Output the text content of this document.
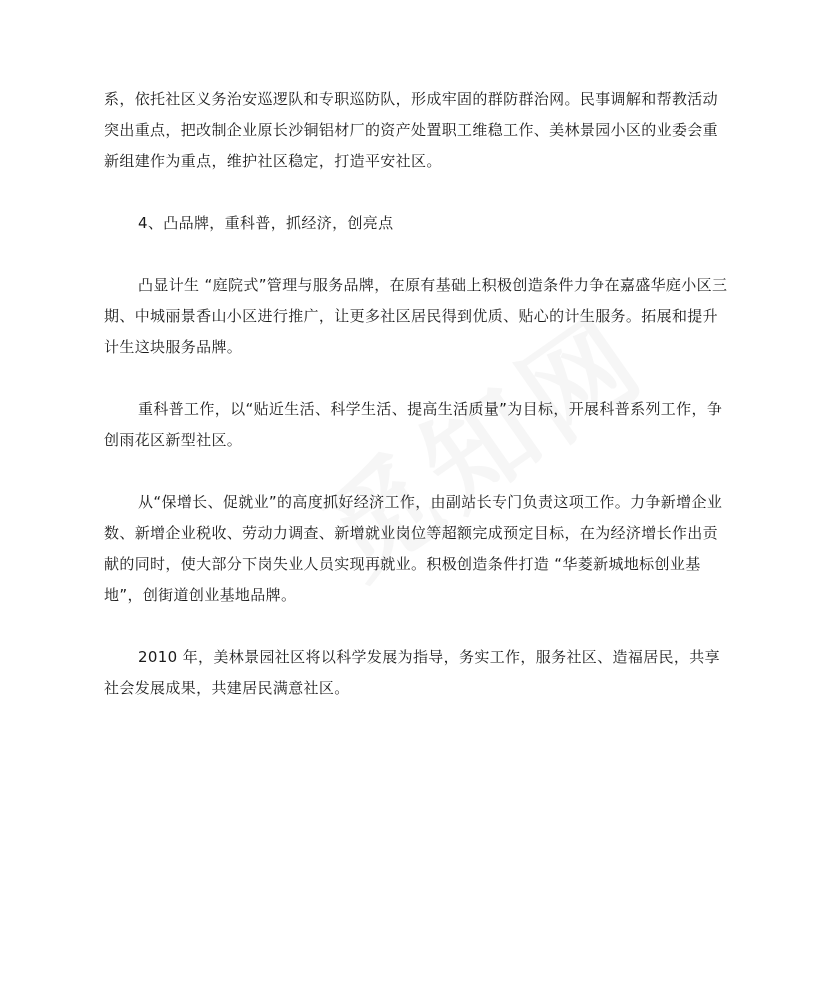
系，依托社区义务治安巡逻队和专职巡防队，形成牢固的群防群治网。民事调解和帮教活动突出重点，把改制企业原长沙铜铝材厂的资产处置职工维稳工作、美林景园小区的业委会重新组建作为重点，维护社区稳定，打造平安社区。

4、凸品牌，重科普，抓经济，创亮点

凸显计生 “庭院式”管理与服务品牌，在原有基础上积极创造条件力争在嘉盛华庭小区三期、中城丽景香山小区进行推广，让更多社区居民得到优质、贴心的计生服务。拓展和提升计生这块服务品牌。

重科普工作，以“贴近生活、科学生活、提高生活质量”为目标，开展科普系列工作，争创雨花区新型社区。

从“保增长、促就业”的高度抓好经济工作，由副站长专门负责这项工作。力争新增企业数、新增企业税收、劳动力调查、新增就业岗位等超额完成预定目标，在为经济增长作出贡献的同时，使大部分下岗失业人员实现再就业。积极创造条件打造 “华菱新城地标创业基地”，创街道创业基地品牌。

2010 年，美林景园社区将以科学发展为指导，务实工作，服务社区、造福居民，共享社会发展成果，共建居民满意社区。
